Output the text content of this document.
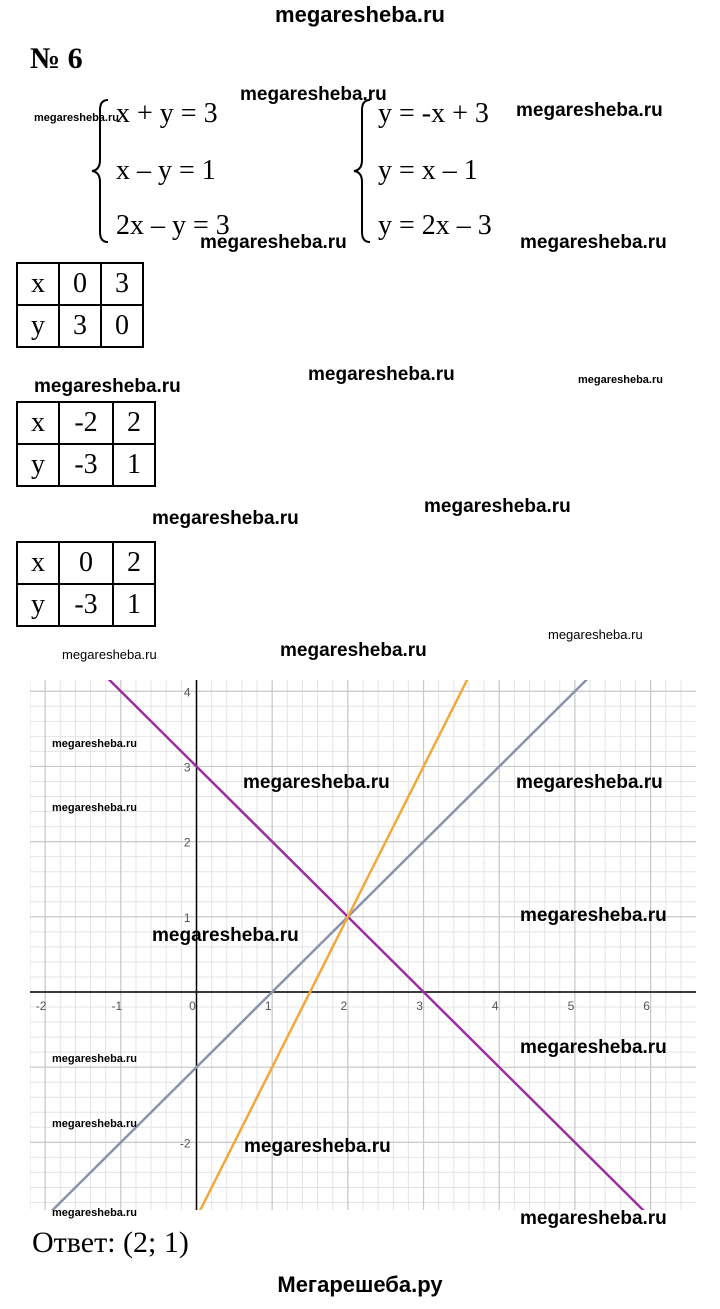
megaresheba.ru
№ 6
x + y = 3
x – y = 1
2x – y = 3
y = -x + 3
y = x – 1
y = 2x – 3
x	0	3
y	3	0
x	-2	2
y	-3	1
x	0	2
y	-3	1
-2	-1	0	1	2	3	4	5	6
-2
1
2
3
4
Ответ: (2; 1)
Мегарешеба.ру
megaresheba.ru
megaresheba.ru	megaresheba.ru
megaresheba.ru	megaresheba.ru
megaresheba.ru
megaresheba.ru	megaresheba.ru
megaresheba.ru
megaresheba.ru
megaresheba.ru
megaresheba.ru	megaresheba.ru
megaresheba.ru
megaresheba.ru	megaresheba.ru
megaresheba.ru
megaresheba.ru
megaresheba.ru
megaresheba.ru
megaresheba.ru
megaresheba.ru
megaresheba.ru
megaresheba.ru	megaresheba.ru
